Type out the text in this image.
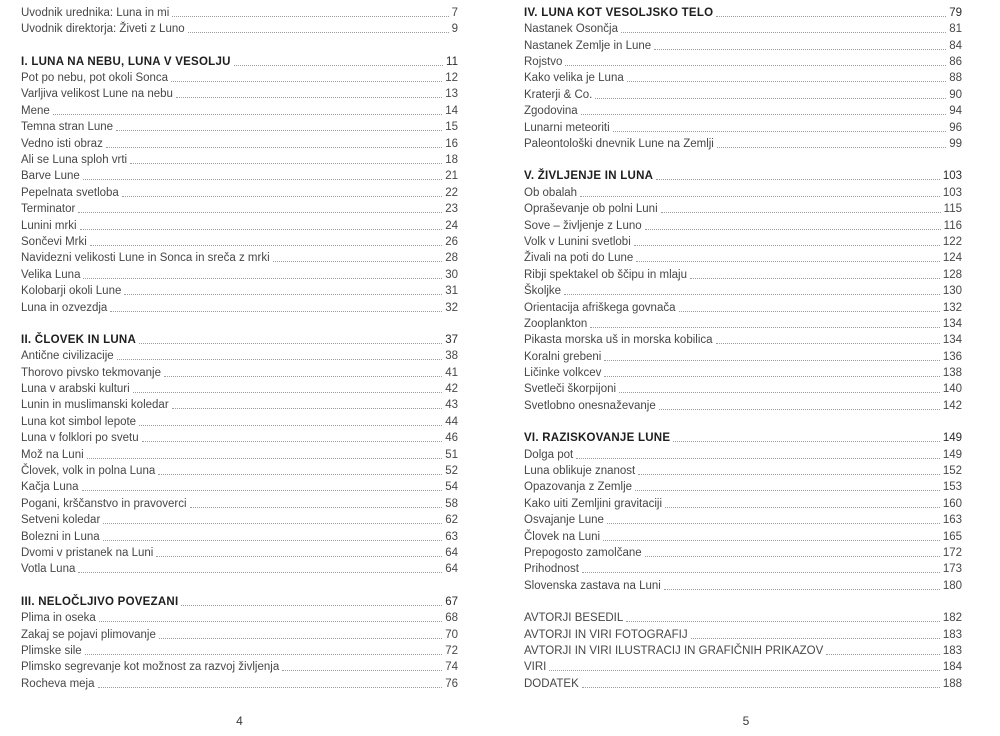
Uvodnik urednika: Luna in mi	7
Uvodnik direktorja: Živeti z Luno	9
I. LUNA NA NEBU, LUNA V VESOLJU	11
Pot po nebu, pot okoli Sonca	12
Varljiva velikost Lune na nebu	13
Mene	14
Temna stran Lune	15
Vedno isti obraz	16
Ali se Luna sploh vrti	18
Barve Lune	21
Pepelnata svetloba	22
Terminator	23
Lunini mrki	24
Sončevi Mrki	26
Navidezni velikosti Lune in Sonca in sreča z mrki	28
Velika Luna	30
Kolobarji okoli Lune	31
Luna in ozvezdja	32
II. ČLOVEK IN LUNA	37
Antične civilizacije	38
Thorovo pivsko tekmovanje	41
Luna v arabski kulturi	42
Lunin in muslimanski koledar	43
Luna kot simbol lepote	44
Luna v folklori po svetu	46
Mož na Luni	51
Človek, volk in polna Luna	52
Kačja Luna	54
Pogani, krščanstvo in pravoverci	58
Setveni koledar	62
Bolezni in Luna	63
Dvomi v pristanek na Luni	64
Votla Luna	64
III. NELOČLJIVO POVEZANI	67
Plima in oseka	68
Zakaj se pojavi plimovanje	70
Plimske sile	72
Plimsko segrevanje kot možnost za razvoj življenja	74
Rocheva meja	76
IV. LUNA KOT VESOLJSKO TELO	79
Nastanek Osončja	81
Nastanek Zemlje in Lune	84
Rojstvo	86
Kako velika je Luna	88
Kraterji & Co.	90
Zgodovina	94
Lunarni meteoriti	96
Paleontološki dnevnik Lune na Zemlji	99
V. ŽIVLJENJE IN LUNA	103
Ob obalah	103
Opraševanje ob polni Luni	115
Sove – življenje z Luno	116
Volk v Lunini svetlobi	122
Živali na poti do Lune	124
Ribji spektakel ob ščipu in mlaju	128
Školjke	130
Orientacija afriškega govnača	132
Zooplankton	134
Pikasta morska uš in morska kobilica	134
Koralni grebeni	136
Ličinke volkcev	138
Svetleči škorpijoni	140
Svetlobno onesnaževanje	142
VI. RAZISKOVANJE LUNE	149
Dolga pot	149
Luna oblikuje znanost	152
Opazovanja z Zemlje	153
Kako uiti Zemljini gravitaciji	160
Osvajanje Lune	163
Človek na Luni	165
Prepogosto zamolčane	172
Prihodnost	173
Slovenska zastava na Luni	180
AVTORJI BESEDIL	182
AVTORJI IN VIRI FOTOGRAFIJ	183
AVTORJI IN VIRI ILUSTRACIJ IN GRAFIČNIH PRIKAZOV	183
VIRI	184
DODATEK	188
4	5
